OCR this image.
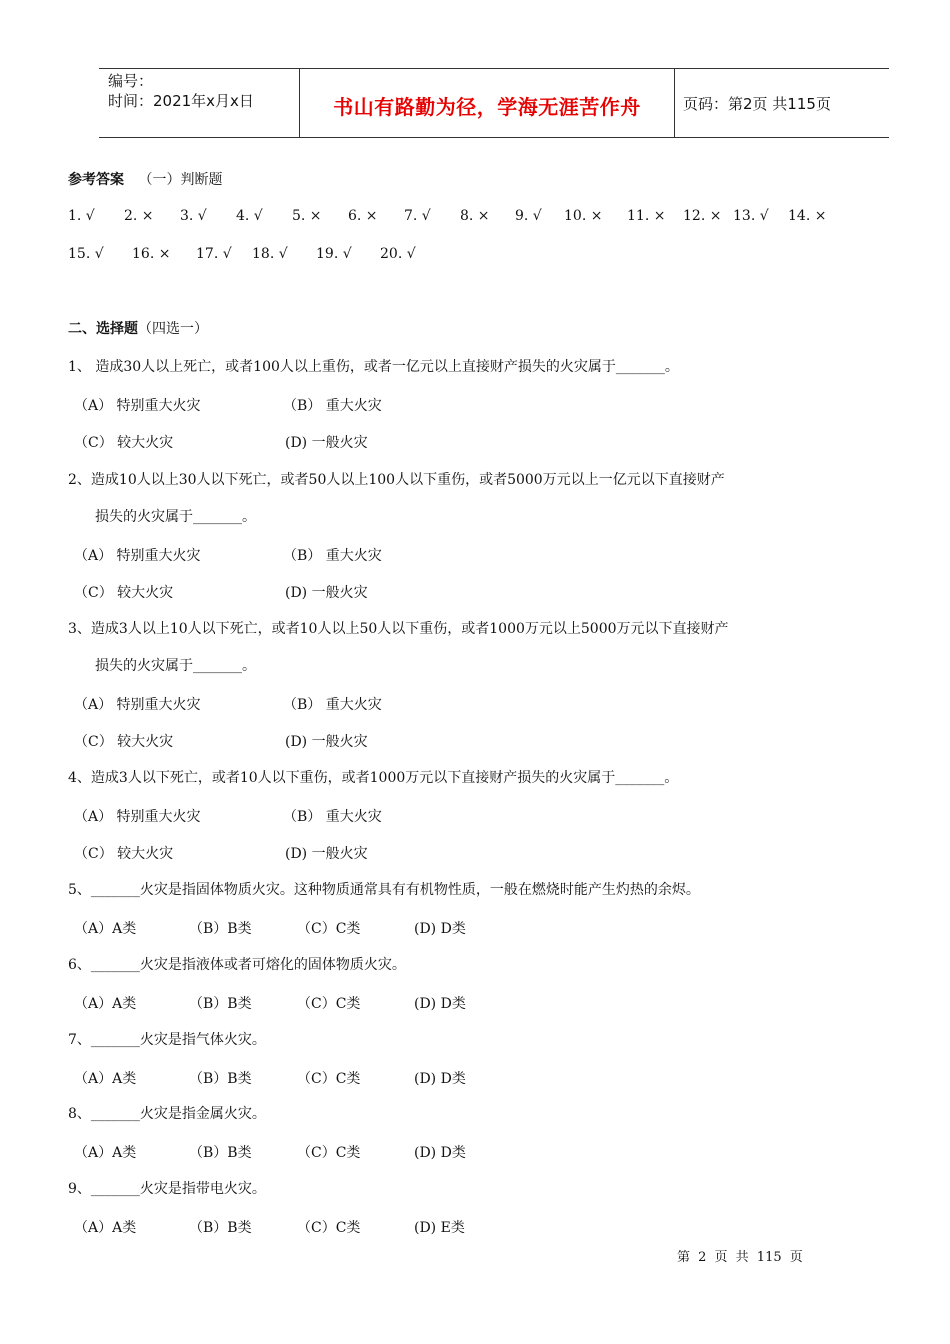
编号：
时间：2021年x月x日	书山有路勤为径，学海无涯苦作舟	页码：第2页 共115页
参考答案 （一）判断题
1. √ 2. × 3. √ 4. √ 5. × 6. × 7. √ 8. × 9. √ 10. × 11. × 12. × 13. √ 14. ×
15. √ 16. × 17. √ 18. √ 19. √ 20. √
二、选择题（四选一）
1、 造成30人以上死亡，或者100人以上重伤，或者一亿元以上直接财产损失的火灾属于_______。
（A） 特别重大火灾	（B） 重大火灾
（C） 较大火灾	(D) 一般火灾
2、造成10人以上30人以下死亡，或者50人以上100人以下重伤，或者5000万元以上一亿元以下直接财产
损失的火灾属于_______。
（A） 特别重大火灾	（B） 重大火灾
（C） 较大火灾	(D) 一般火灾
3、造成3人以上10人以下死亡，或者10人以上50人以下重伤，或者1000万元以上5000万元以下直接财产
损失的火灾属于_______。
（A） 特别重大火灾	（B） 重大火灾
（C） 较大火灾	(D) 一般火灾
4、造成3人以下死亡，或者10人以下重伤，或者1000万元以下直接财产损失的火灾属于_______。
（A） 特别重大火灾	（B） 重大火灾
（C） 较大火灾	(D) 一般火灾
5、_______火灾是指固体物质火灾。这种物质通常具有有机物性质，一般在燃烧时能产生灼热的余烬。
（A）A类	（B）B类	（C）C类	(D) D类
6、_______火灾是指液体或者可熔化的固体物质火灾。
（A）A类	（B）B类	（C）C类	(D) D类
7、_______火灾是指气体火灾。
（A）A类	（B）B类	（C）C类	(D) D类
8、_______火灾是指金属火灾。
（A）A类	（B）B类	（C）C类	(D) D类
9、_______火灾是指带电火灾。
（A）A类	（B）B类	（C）C类	(D) E类
第 2 页 共 115 页
